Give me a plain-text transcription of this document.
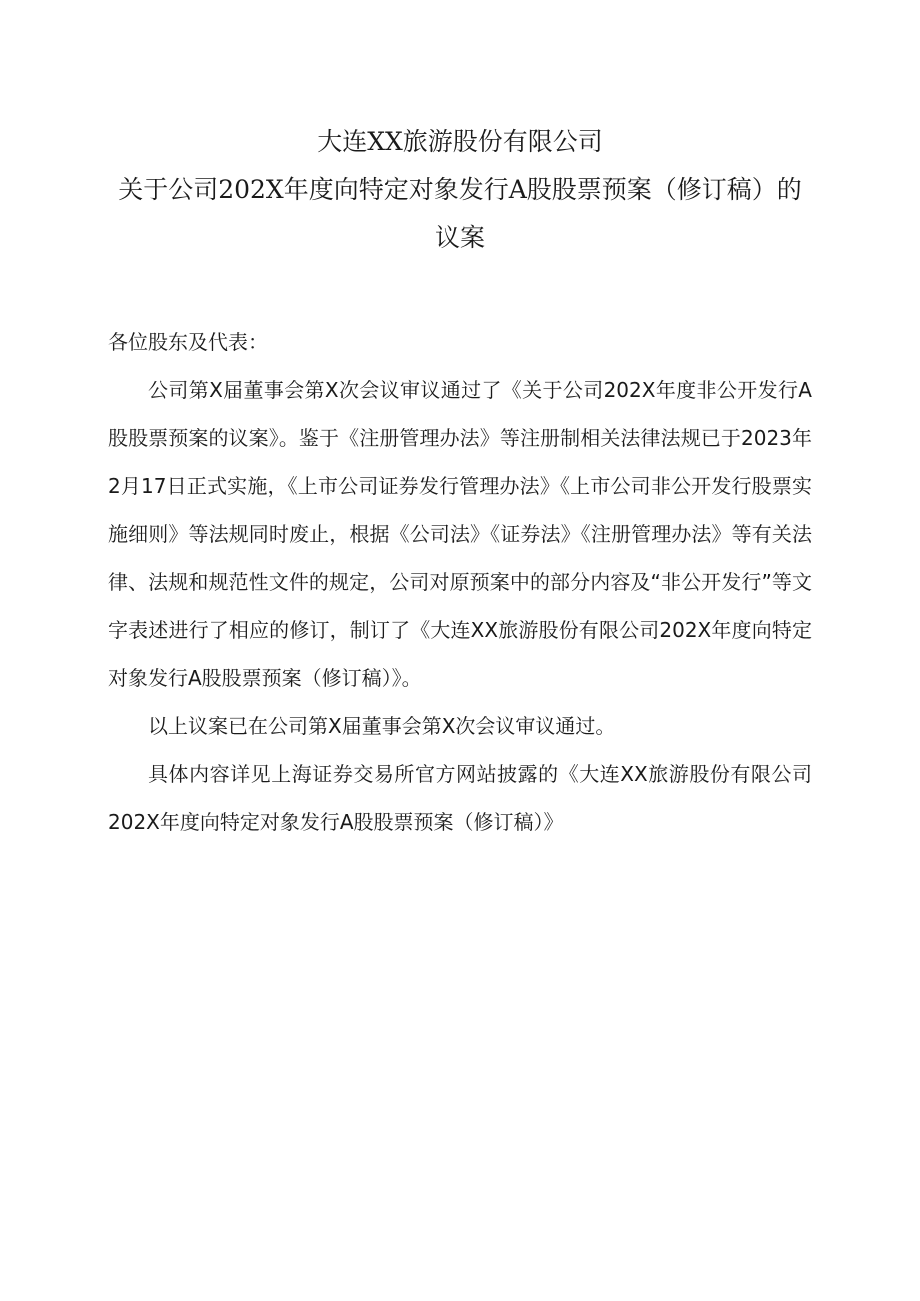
大连XX旅游股份有限公司
关于公司202X年度向特定对象发行A股股票预案（修订稿）的
议案

各位股东及代表：

公司第X届董事会第X次会议审议通过了《关于公司202X年度非公开发行A股股票预案的议案》。鉴于《注册管理办法》等注册制相关法律法规已于2023年2月17日正式实施，《上市公司证券发行管理办法》《上市公司非公开发行股票实施细则》等法规同时废止，根据《公司法》《证券法》《注册管理办法》等有关法律、法规和规范性文件的规定，公司对原预案中的部分内容及“非公开发行”等文字表述进行了相应的修订，制订了《大连XX旅游股份有限公司202X年度向特定对象发行A股股票预案（修订稿）》。

以上议案已在公司第X届董事会第X次会议审议通过。

具体内容详见上海证券交易所官方网站披露的《大连XX旅游股份有限公司202X年度向特定对象发行A股股票预案（修订稿）》
